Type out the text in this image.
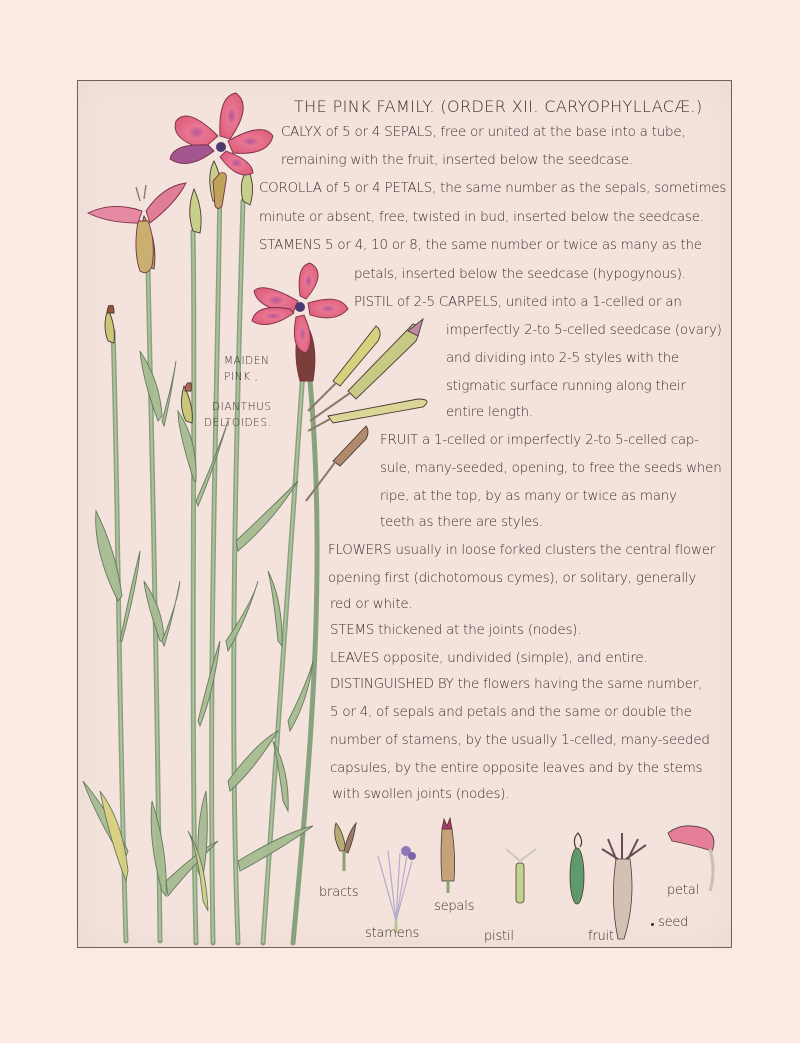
THE PINK FAMILY. (ORDER XII. CARYOPHYLLACÆ.)
CALYX of 5 or 4 SEPALS, free or united at the base into a tube,
remaining with the fruit, inserted below the seedcase.
COROLLA of 5 or 4 PETALS, the same number as the sepals, sometimes
minute or absent, free, twisted in bud, inserted below the seedcase.
STAMENS 5 or 4, 10 or 8, the same number or twice as many as the
petals, inserted below the seedcase (hypogynous).
PISTIL of 2-5 CARPELS, united into a 1-celled or an
imperfectly 2-to 5-celled seedcase (ovary)
and dividing into 2-5 styles with the
stigmatic surface running along their
entire length.
FRUIT a 1-celled or imperfectly 2-to 5-celled cap-
sule, many-seeded, opening, to free the seeds when
ripe, at the top, by as many or twice as many
teeth as there are styles.
FLOWERS usually in loose forked clusters the central flower
opening first (dichotomous cymes), or solitary, generally
red or white.
STEMS thickened at the joints (nodes).
LEAVES opposite, undivided (simple), and entire.
DISTINGUISHED BY the flowers having the same number,
5 or 4, of sepals and petals and the same or double the
number of stamens, by the usually 1-celled, many-seeded
capsules, by the entire opposite leaves and by the stems
with swollen joints (nodes).
MAIDEN
PINK ,
DIANTHUS
DELTOIDES.
bracts
stamens
sepals
pistil	fruit
petal
seed
